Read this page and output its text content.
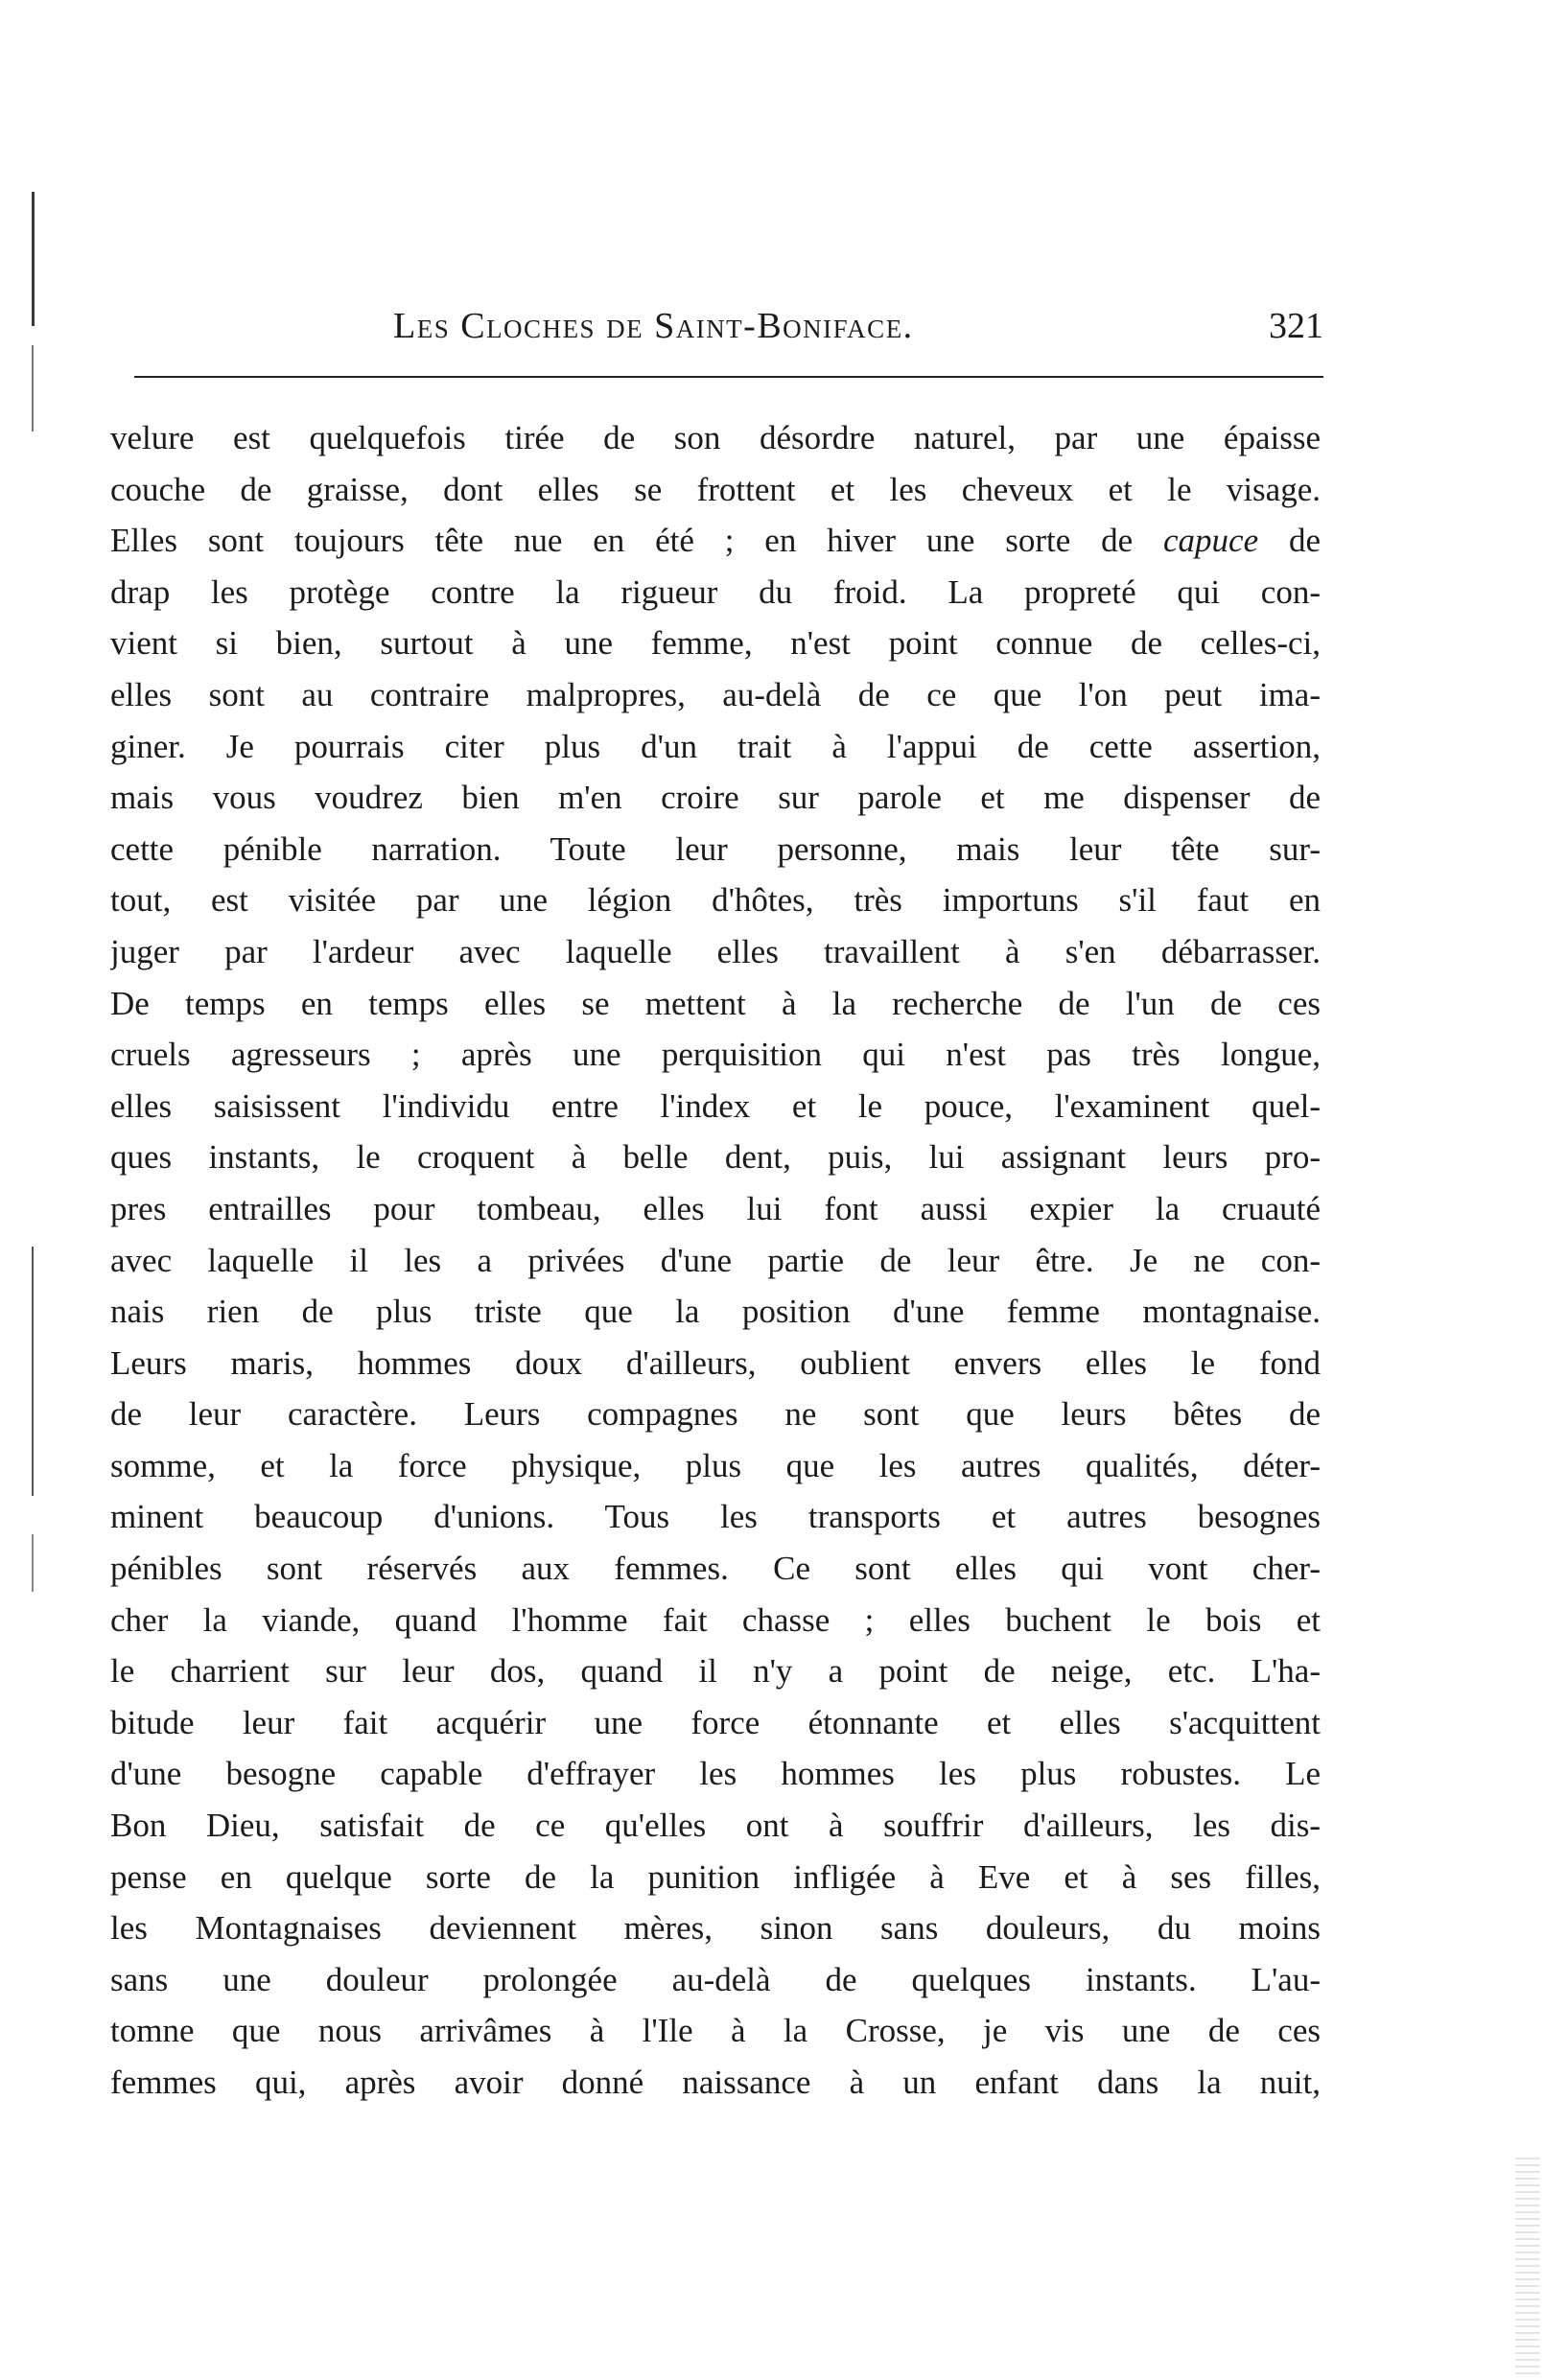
Les Cloches de Saint-Boniface.	321
velure est quelquefois tirée de son désordre naturel, par une épaisse
couche de graisse, dont elles se frottent et les cheveux et le visage.
Elles sont toujours tête nue en été ; en hiver une sorte de capuce de
drap les protège contre la rigueur du froid. La propreté qui con-
vient si bien, surtout à une femme, n'est point connue de celles-ci,
elles sont au contraire malpropres, au-delà de ce que l'on peut ima-
giner. Je pourrais citer plus d'un trait à l'appui de cette assertion,
mais vous voudrez bien m'en croire sur parole et me dispenser de
cette pénible narration. Toute leur personne, mais leur tête sur-
tout, est visitée par une légion d'hôtes, très importuns s'il faut en
juger par l'ardeur avec laquelle elles travaillent à s'en débarrasser.
De temps en temps elles se mettent à la recherche de l'un de ces
cruels agresseurs ; après une perquisition qui n'est pas très longue,
elles saisissent l'individu entre l'index et le pouce, l'examinent quel-
ques instants, le croquent à belle dent, puis, lui assignant leurs pro-
pres entrailles pour tombeau, elles lui font aussi expier la cruauté
avec laquelle il les a privées d'une partie de leur être. Je ne con-
nais rien de plus triste que la position d'une femme montagnaise.
Leurs maris, hommes doux d'ailleurs, oublient envers elles le fond
de leur caractère. Leurs compagnes ne sont que leurs bêtes de
somme, et la force physique, plus que les autres qualités, déter-
minent beaucoup d'unions. Tous les transports et autres besognes
pénibles sont réservés aux femmes. Ce sont elles qui vont cher-
cher la viande, quand l'homme fait chasse ; elles buchent le bois et
le charrient sur leur dos, quand il n'y a point de neige, etc. L'ha-
bitude leur fait acquérir une force étonnante et elles s'acquittent
d'une besogne capable d'effrayer les hommes les plus robustes. Le
Bon Dieu, satisfait de ce qu'elles ont à souffrir d'ailleurs, les dis-
pense en quelque sorte de la punition infligée à Eve et à ses filles,
les Montagnaises deviennent mères, sinon sans douleurs, du moins
sans une douleur prolongée au-delà de quelques instants. L'au-
tomne que nous arrivâmes à l'Ile à la Crosse, je vis une de ces
femmes qui, après avoir donné naissance à un enfant dans la nuit,
